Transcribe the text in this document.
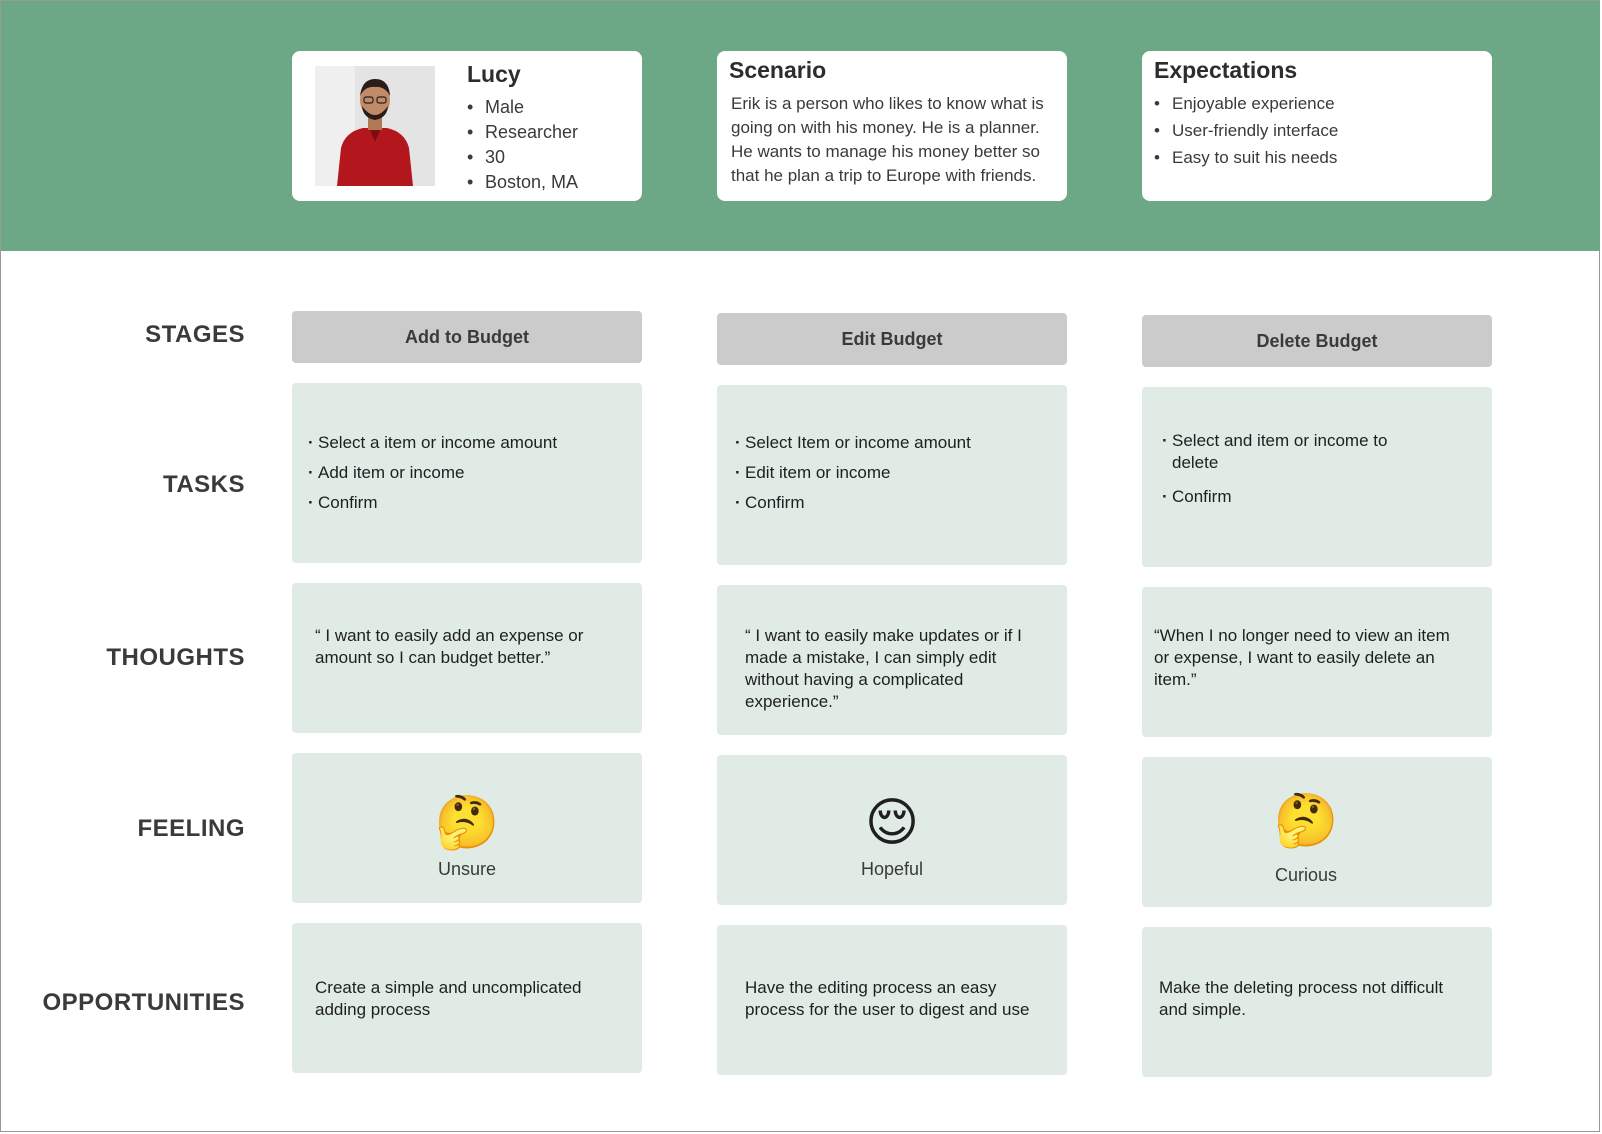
Lucy
• Male
• Researcher
• 30
• Boston, MA
Scenario

Erik is a person who likes to know what is going on with his money. He is a planner. He wants to manage his money better so that he plan a trip to Europe with friends.

Expectations
• Enjoyable experience
• User-friendly interface
• Easy to suit his needs
STAGES
TASKS
THOUGHTS
FEELING
OPPORTUNITIES
Add to Budget
· Select a item or income amount
· Add item or income
· Confirm
“ I want to easily add an expense or amount so I can budget better.”
🤔
Unsure
Create a simple and uncomplicated adding process
Edit Budget
· Select Item or income amount
· Edit item or income
· Confirm
“ I want to easily make updates or if I made a mistake, I can simply edit without having a complicated experience.”
😌
Hopeful
Have the editing process an easy process for the user to digest and use
Delete Budget
· Select and item or income to delete
· Confirm
“When I no longer need to view an item or expense, I want to easily delete an item.”
🤔
Curious
Make the deleting process not difficult and simple.
